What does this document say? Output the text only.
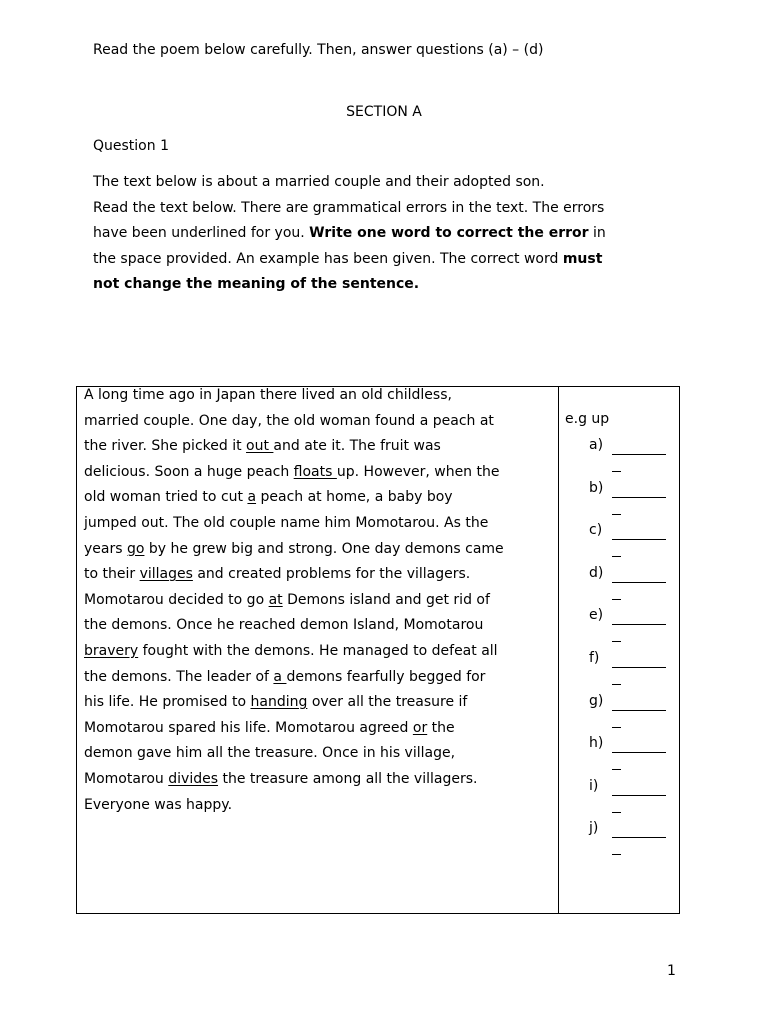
Read the poem below carefully. Then, answer questions (a) – (d)
SECTION A
Question 1
The text below is about a married couple and their adopted son.
Read the text below. There are grammatical errors in the text. The errors
have been underlined for you. Write one word to correct the error in
the space provided. An example has been given. The correct word must
not change the meaning of the sentence.
A long time ago in Japan there lived an old childless,
married couple. One day, the old woman found a peach at
the river. She picked it out and ate it. The fruit was
delicious. Soon a huge peach floats up. However, when the
old woman tried to cut a peach at home, a baby boy
jumped out. The old couple name him Momotarou. As the
years go by he grew big and strong. One day demons came
to their villages and created problems for the villagers.
Momotarou decided to go at Demons island and get rid of
the demons. Once he reached demon Island, Momotarou
bravery fought with the demons. He managed to defeat all
the demons. The leader of a demons fearfully begged for
his life. He promised to handing over all the treasure if
Momotarou spared his life. Momotarou agreed or the
demon gave him all the treasure. Once in his village,
Momotarou divides the treasure among all the villagers.
Everyone was happy.
e.g up
a)
b)
c)
d)
e)
f)
g)
h)
i)
j)
1
